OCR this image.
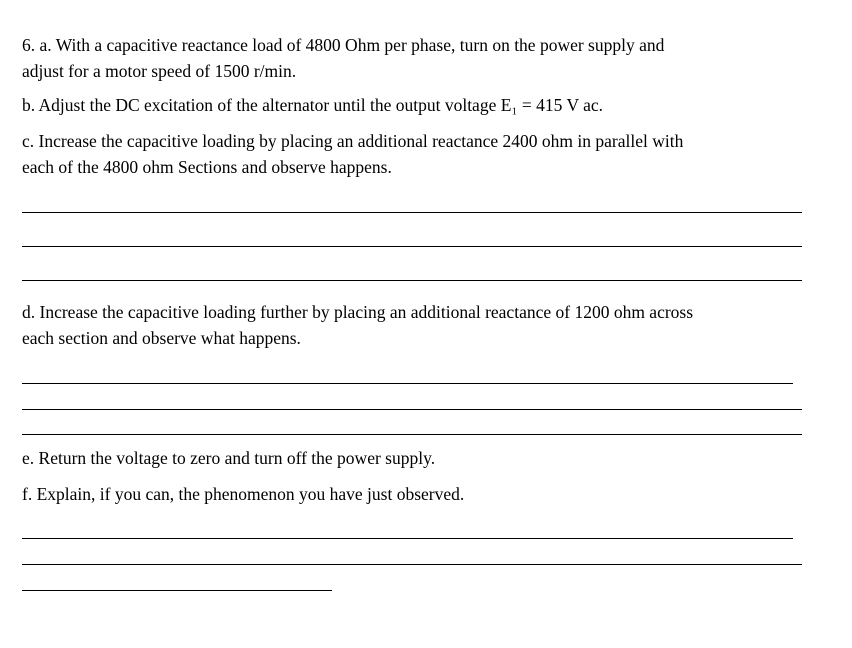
6. a. With a capacitive reactance load of 4800 Ohm per phase, turn on the power supply and
adjust for a motor speed of 1500 r/min.

b. Adjust the DC excitation of the alternator until the output voltage E₁ = 415 V ac.

c. Increase the capacitive loading by placing an additional reactance 2400 ohm in parallel with
each of the 4800 ohm Sections and observe happens.

d. Increase the capacitive loading further by placing an additional reactance of 1200 ohm across
each section and observe what happens.

e. Return the voltage to zero and turn off the power supply.

f. Explain, if you can, the phenomenon you have just observed.
